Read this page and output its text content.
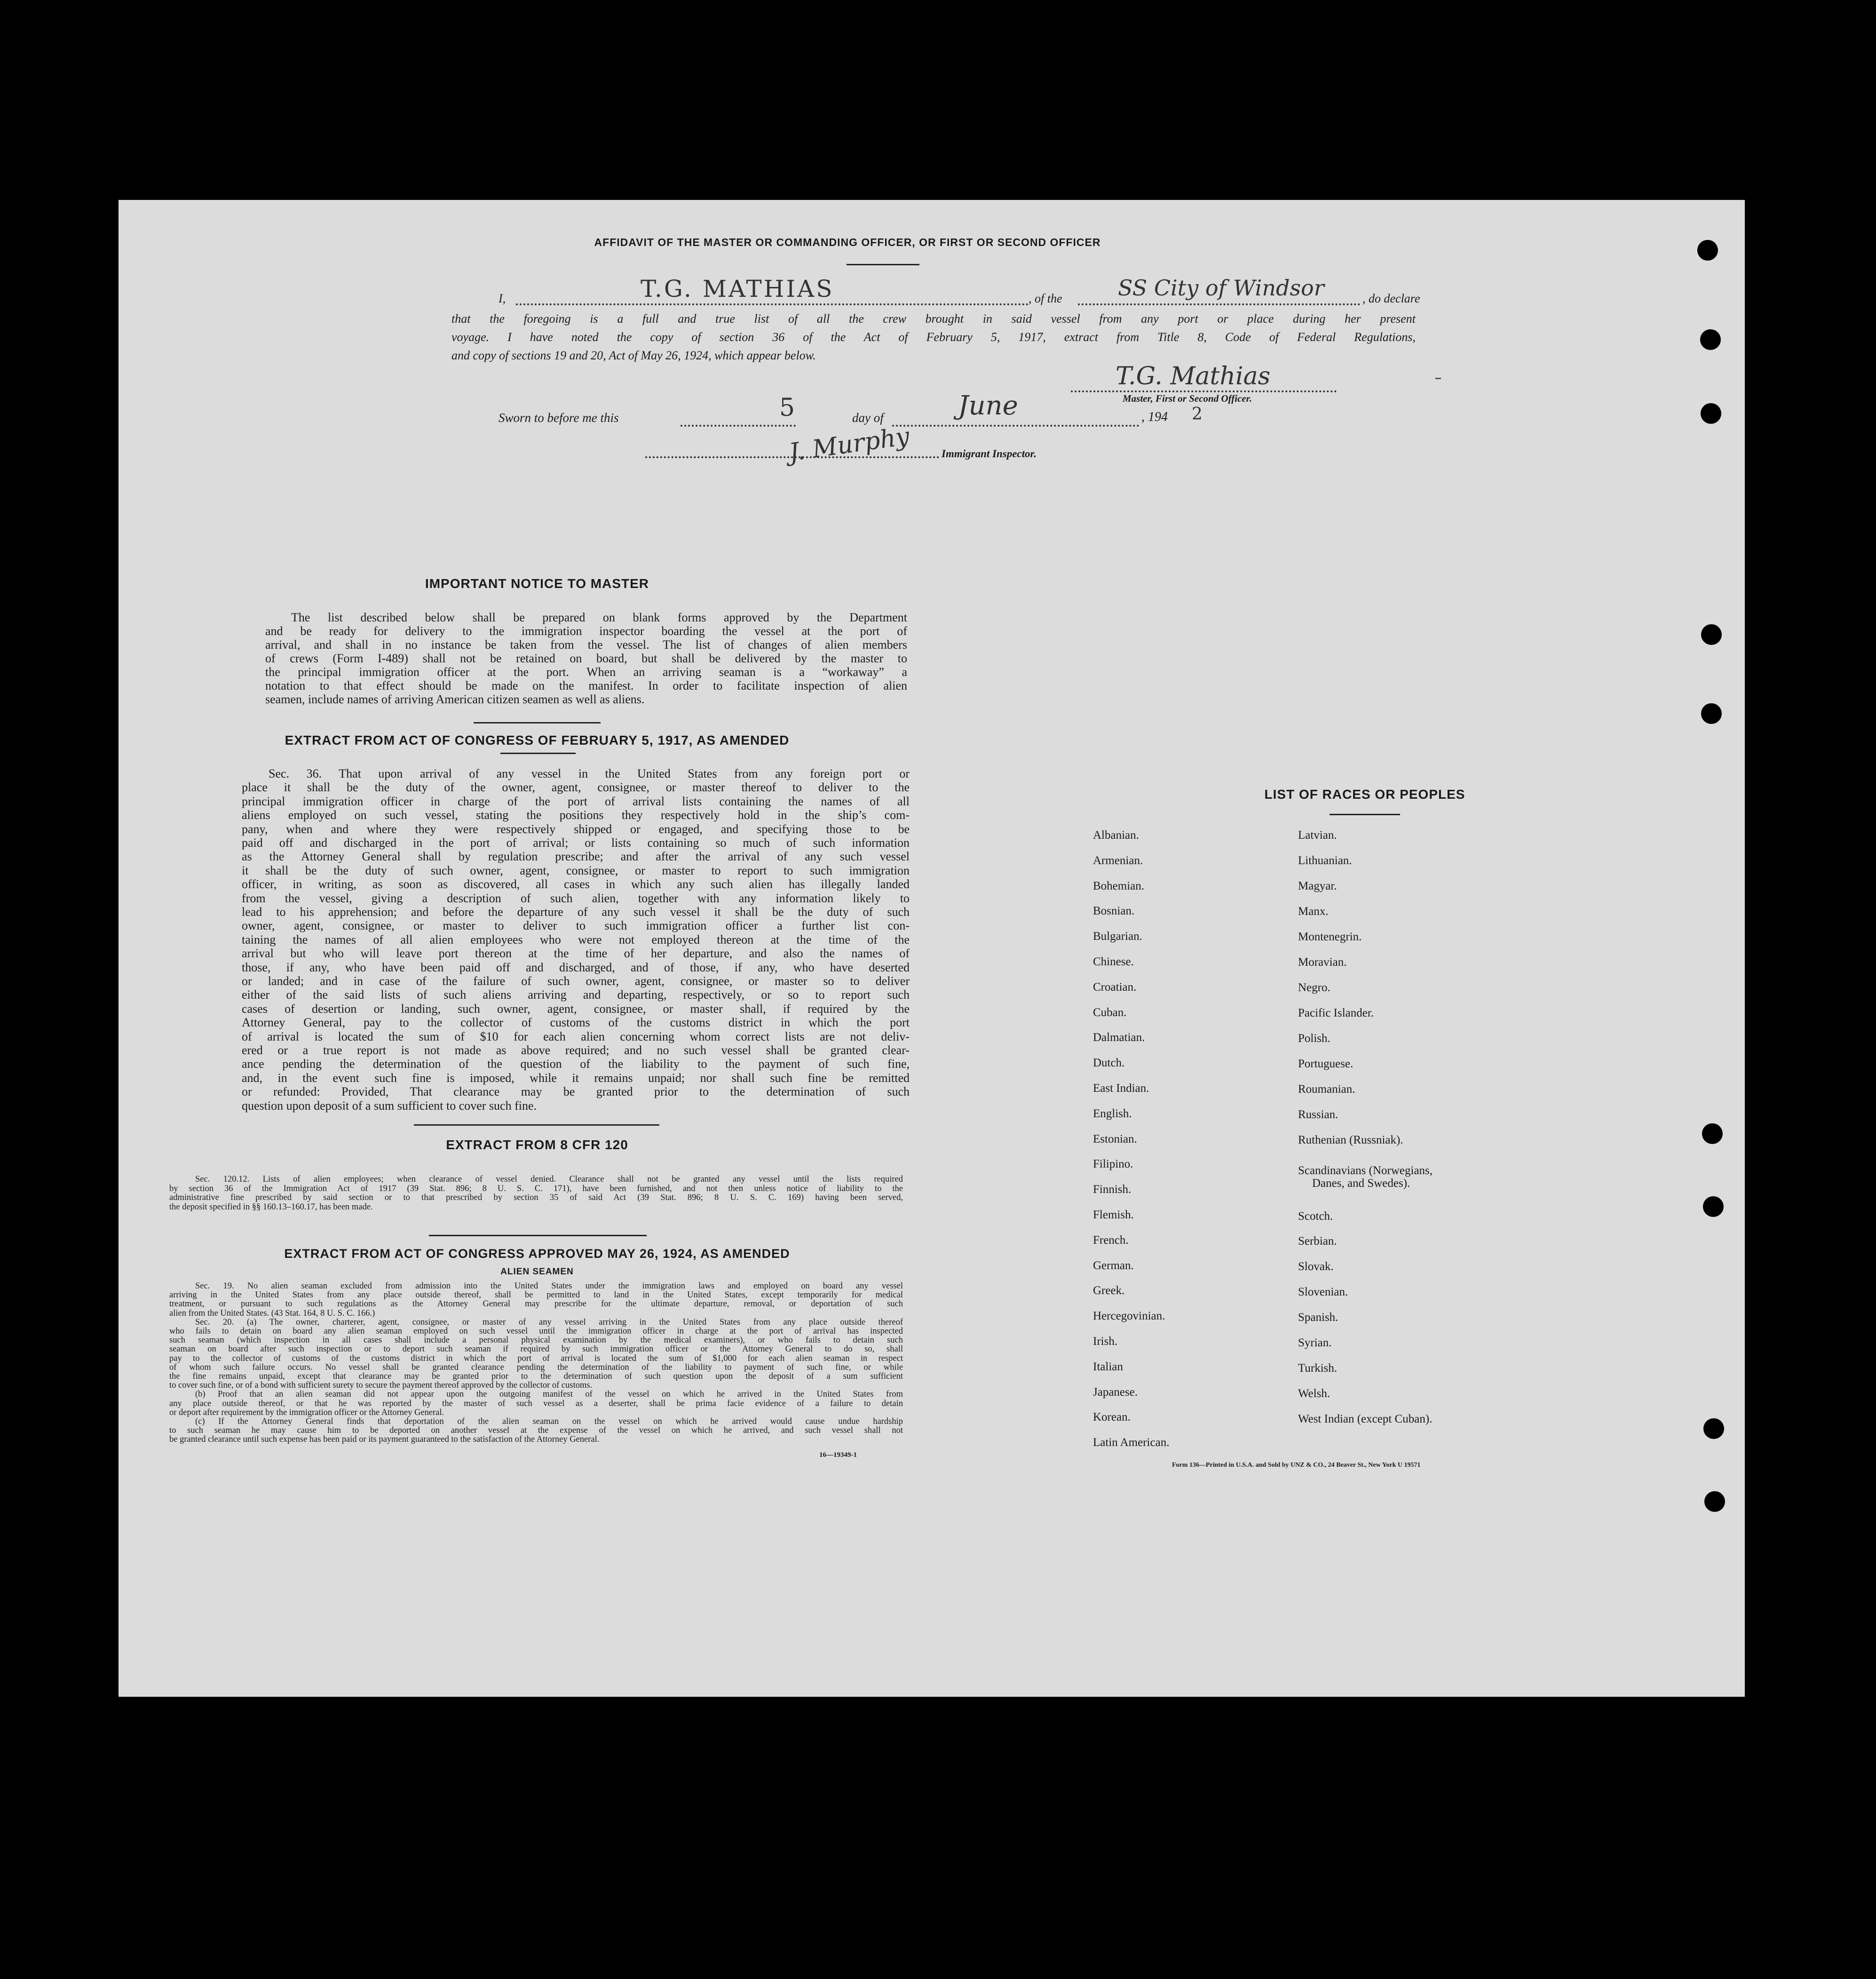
AFFIDAVIT OF THE MASTER OR COMMANDING OFFICER, OR FIRST OR SECOND OFFICER
I,	T.G. MATHIAS	, of the	SS City of Windsor	, do declare
that the foregoing is a full and true list of all the crew brought in said vessel from any port or place during her present
voyage. I have noted the copy of section 36 of the Act of February 5, 1917, extract from Title 8, Code of Federal Regulations,
and copy of sections 19 and 20, Act of May 26, 1924, which appear below.
T.G. Mathias
Master, First or Second Officer.
Sworn to before me this	5	day of	June	, 194 2
J. Murphy	Immigrant Inspector.
IMPORTANT NOTICE TO MASTER
The list described below shall be prepared on blank forms approved by the Department
and be ready for delivery to the immigration inspector boarding the vessel at the port of
arrival, and shall in no instance be taken from the vessel. The list of changes of alien members
of crews (Form I-489) shall not be retained on board, but shall be delivered by the master to
the principal immigration officer at the port. When an arriving seaman is a “workaway” a
notation to that effect should be made on the manifest. In order to facilitate inspection of alien
seamen, include names of arriving American citizen seamen as well as aliens.
EXTRACT FROM ACT OF CONGRESS OF FEBRUARY 5, 1917, AS AMENDED
Sec. 36. That upon arrival of any vessel in the United States from any foreign port or
place it shall be the duty of the owner, agent, consignee, or master thereof to deliver to the
principal immigration officer in charge of the port of arrival lists containing the names of all
aliens employed on such vessel, stating the positions they respectively hold in the ship’s com-
pany, when and where they were respectively shipped or engaged, and specifying those to be
paid off and discharged in the port of arrival; or lists containing so much of such information
as the Attorney General shall by regulation prescribe; and after the arrival of any such vessel
it shall be the duty of such owner, agent, consignee, or master to report to such immigration
officer, in writing, as soon as discovered, all cases in which any such alien has illegally landed
from the vessel, giving a description of such alien, together with any information likely to
lead to his apprehension; and before the departure of any such vessel it shall be the duty of such
owner, agent, consignee, or master to deliver to such immigration officer a further list con-
taining the names of all alien employees who were not employed thereon at the time of the
arrival but who will leave port thereon at the time of her departure, and also the names of
those, if any, who have been paid off and discharged, and of those, if any, who have deserted
or landed; and in case of the failure of such owner, agent, consignee, or master so to deliver
either of the said lists of such aliens arriving and departing, respectively, or so to report such
cases of desertion or landing, such owner, agent, consignee, or master shall, if required by the
Attorney General, pay to the collector of customs of the customs district in which the port
of arrival is located the sum of $10 for each alien concerning whom correct lists are not deliv-
ered or a true report is not made as above required; and no such vessel shall be granted clear-
ance pending the determination of the question of the liability to the payment of such fine,
and, in the event such fine is imposed, while it remains unpaid; nor shall such fine be remitted
or refunded: Provided, That clearance may be granted prior to the determination of such
question upon deposit of a sum sufficient to cover such fine.
EXTRACT FROM 8 CFR 120
Sec. 120.12. Lists of alien employees; when clearance of vessel denied. Clearance shall not be granted any vessel until the lists required
by section 36 of the Immigration Act of 1917 (39 Stat. 896; 8 U. S. C. 171), have been furnished, and not then unless notice of liability to the
administrative fine prescribed by said section or to that prescribed by section 35 of said Act (39 Stat. 896; 8 U. S. C. 169) having been served,
the deposit specified in §§ 160.13–160.17, has been made.
EXTRACT FROM ACT OF CONGRESS APPROVED MAY 26, 1924, AS AMENDED
ALIEN SEAMEN
Sec. 19. No alien seaman excluded from admission into the United States under the immigration laws and employed on board any vessel
arriving in the United States from any place outside thereof, shall be permitted to land in the United States, except temporarily for medical
treatment, or pursuant to such regulations as the Attorney General may prescribe for the ultimate departure, removal, or deportation of such
alien from the United States. (43 Stat. 164, 8 U. S. C. 166.)
Sec. 20. (a) The owner, charterer, agent, consignee, or master of any vessel arriving in the United States from any place outside thereof
who fails to detain on board any alien seaman employed on such vessel until the immigration officer in charge at the port of arrival has inspected
such seaman (which inspection in all cases shall include a personal physical examination by the medical examiners), or who fails to detain such
seaman on board after such inspection or to deport such seaman if required by such immigration officer or the Attorney General to do so, shall
pay to the collector of customs of the customs district in which the port of arrival is located the sum of $1,000 for each alien seaman in respect
of whom such failure occurs. No vessel shall be granted clearance pending the determination of the liability to payment of such fine, or while
the fine remains unpaid, except that clearance may be granted prior to the determination of such question upon the deposit of a sum sufficient
to cover such fine, or of a bond with sufficient surety to secure the payment thereof approved by the collector of customs.
(b) Proof that an alien seaman did not appear upon the outgoing manifest of the vessel on which he arrived in the United States from
any place outside thereof, or that he was reported by the master of such vessel as a deserter, shall be prima facie evidence of a failure to detain
or deport after requirement by the immigration officer or the Attorney General.
(c) If the Attorney General finds that deportation of the alien seaman on the vessel on which he arrived would cause undue hardship
to such seaman he may cause him to be deported on another vessel at the expense of the vessel on which he arrived, and such vessel shall not
be granted clearance until such expense has been paid or its payment guaranteed to the satisfaction of the Attorney General.
16—19349-1
LIST OF RACES OR PEOPLES
Albanian.
Armenian.
Bohemian.
Bosnian.
Bulgarian.
Chinese.
Croatian.
Cuban.
Dalmatian.
Dutch.
East Indian.
English.
Estonian.
Filipino.
Finnish.
Flemish.
French.
German.
Greek.
Hercegovinian.
Irish.
Italian
Japanese.
Korean.
Latin American.
Latvian.
Lithuanian.
Magyar.
Manx.
Montenegrin.
Moravian.
Negro.
Pacific Islander.
Polish.
Portuguese.
Roumanian.
Russian.
Ruthenian (Russniak).
Scandinavians (Norwegians,
Danes, and Swedes).
Scotch.
Serbian.
Slovak.
Slovenian.
Spanish.
Syrian.
Turkish.
Welsh.
West Indian (except Cuban).
Form 136—Printed in U.S.A. and Sold by UNZ & CO., 24 Beaver St., New York U 19571
